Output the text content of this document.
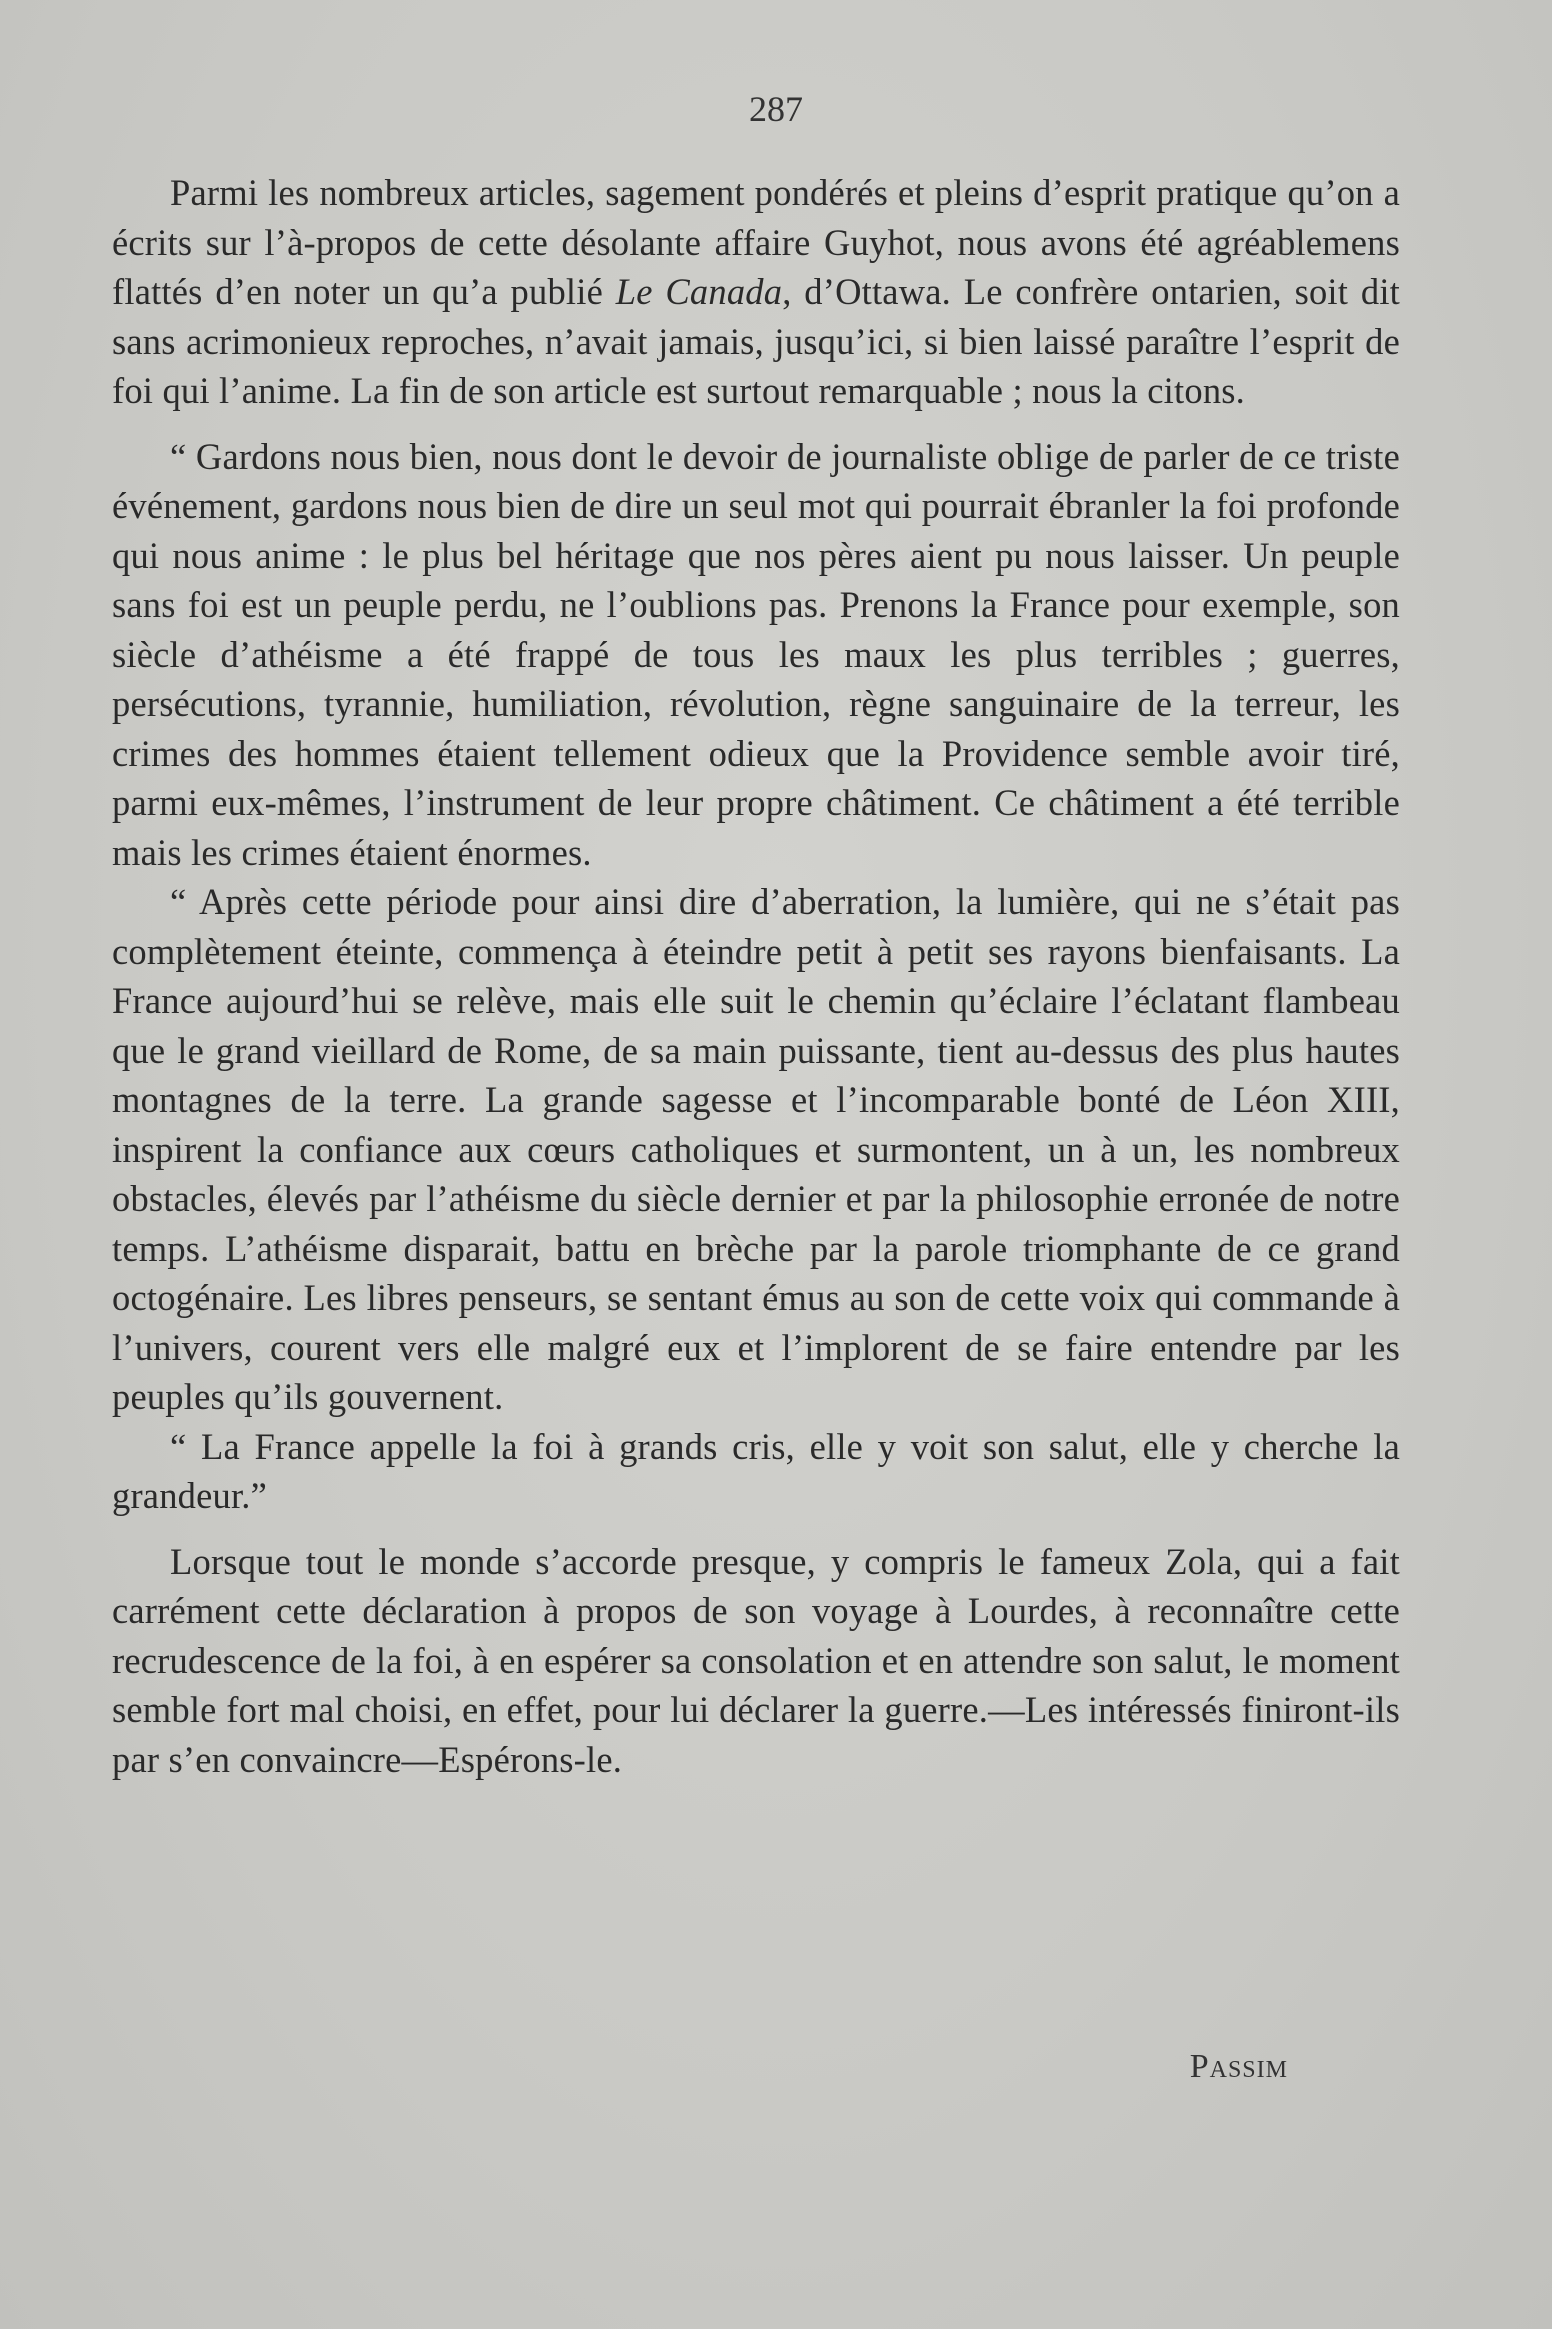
287

Parmi les nombreux articles, sagement pondérés et pleins d’esprit pratique qu’on a écrits sur l’à-propos de cette désolante affaire Guyhot, nous avons été agréablemens flattés d’en noter un qu’a publié Le Canada, d’Ottawa. Le confrère ontarien, soit dit sans acrimonieux reproches, n’avait jamais, jusqu’ici, si bien laissé paraître l’esprit de foi qui l’anime. La fin de son article est surtout remarquable ; nous la citons.

“ Gardons nous bien, nous dont le devoir de journaliste oblige de parler de ce triste événement, gardons nous bien de dire un seul mot qui pourrait ébranler la foi profonde qui nous anime : le plus bel héritage que nos pères aient pu nous laisser. Un peuple sans foi est un peuple perdu, ne l’oublions pas. Prenons la France pour exemple, son siècle d’athéisme a été frappé de tous les maux les plus terribles ; guerres, persécutions, tyrannie, humiliation, révolution, règne sanguinaire de la terreur, les crimes des hommes étaient tellement odieux que la Providence semble avoir tiré, parmi eux-mêmes, l’instrument de leur propre châtiment. Ce châtiment a été terrible mais les crimes étaient énormes.

“ Après cette période pour ainsi dire d’aberration, la lumière, qui ne s’était pas complètement éteinte, commença à éteindre petit à petit ses rayons bienfaisants. La France aujourd’hui se relève, mais elle suit le chemin qu’éclaire l’éclatant flambeau que le grand vieillard de Rome, de sa main puissante, tient au-dessus des plus hautes montagnes de la terre. La grande sagesse et l’incomparable bonté de Léon XIII, inspirent la confiance aux cœurs catholiques et surmontent, un à un, les nombreux obstacles, élevés par l’athéisme du siècle dernier et par la philosophie erronée de notre temps. L’athéisme disparait, battu en brèche par la parole triomphante de ce grand octogénaire. Les libres penseurs, se sentant émus au son de cette voix qui commande à l’univers, courent vers elle malgré eux et l’implorent de se faire entendre par les peuples qu’ils gouvernent.

“ La France appelle la foi à grands cris, elle y voit son salut, elle y cherche la grandeur.”

Lorsque tout le monde s’accorde presque, y compris le fameux Zola, qui a fait carrément cette déclaration à propos de son voyage à Lourdes, à reconnaître cette recrudescence de la foi, à en espérer sa consolation et en attendre son salut, le moment semble fort mal choisi, en effet, pour lui déclarer la guerre.—Les intéressés finiront-ils par s’en convaincre—Espérons-le.

Passim
